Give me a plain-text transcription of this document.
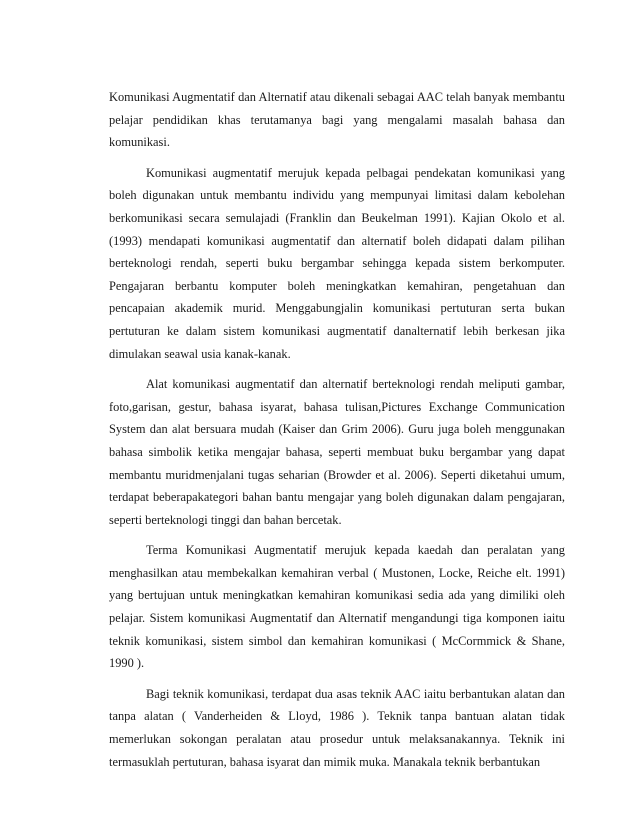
Komunikasi Augmentatif dan Alternatif atau dikenali sebagai AAC telah banyak membantu pelajar pendidikan khas terutamanya bagi yang mengalami masalah bahasa dan komunikasi.

Komunikasi augmentatif merujuk kepada pelbagai pendekatan komunikasi yang boleh digunakan untuk membantu individu yang mempunyai limitasi dalam kebolehan berkomunikasi secara semulajadi (Franklin dan Beukelman 1991). Kajian Okolo et al. (1993) mendapati komunikasi augmentatif dan alternatif boleh didapati dalam pilihan berteknologi rendah, seperti buku bergambar sehingga kepada sistem berkomputer. Pengajaran berbantu komputer boleh meningkatkan kemahiran, pengetahuan dan pencapaian akademik murid. Menggabungjalin komunikasi pertuturan serta bukan pertuturan ke dalam sistem komunikasi augmentatif danalternatif lebih berkesan jika dimulakan seawal usia kanak-kanak.

Alat komunikasi augmentatif dan alternatif berteknologi rendah meliputi gambar, foto,garisan, gestur, bahasa isyarat, bahasa tulisan,Pictures Exchange Communication System dan alat bersuara mudah (Kaiser dan Grim 2006). Guru juga boleh menggunakan bahasa simbolik ketika mengajar bahasa, seperti membuat buku bergambar yang dapat membantu muridmenjalani tugas seharian (Browder et al. 2006). Seperti diketahui umum, terdapat beberapakategori bahan bantu mengajar yang boleh digunakan dalam pengajaran, seperti berteknologi tinggi dan bahan bercetak.

Terma Komunikasi Augmentatif merujuk kepada kaedah dan peralatan yang menghasilkan atau membekalkan kemahiran verbal ( Mustonen, Locke, Reiche elt. 1991) yang bertujuan untuk meningkatkan kemahiran komunikasi sedia ada yang dimiliki oleh pelajar. Sistem komunikasi Augmentatif dan Alternatif mengandungi tiga komponen iaitu teknik komunikasi, sistem simbol dan kemahiran komunikasi ( McCormmick & Shane, 1990 ).

Bagi teknik komunikasi, terdapat dua asas teknik AAC iaitu berbantukan alatan dan tanpa alatan ( Vanderheiden & Lloyd, 1986 ). Teknik tanpa bantuan alatan tidak memerlukan sokongan peralatan atau prosedur untuk melaksanakannya. Teknik ini termasuklah pertuturan, bahasa isyarat dan mimik muka. Manakala teknik berbantukan
